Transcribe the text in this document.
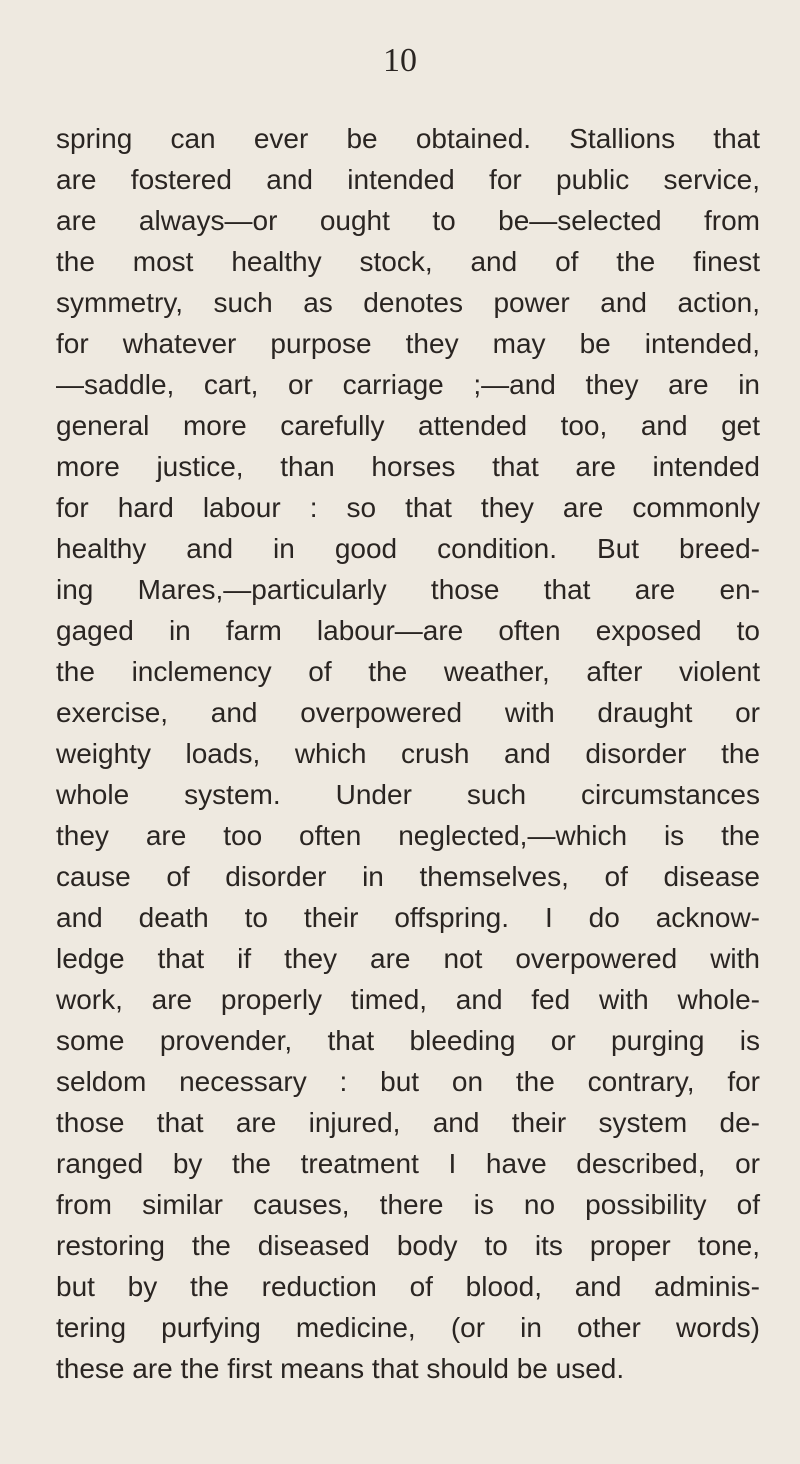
10
spring can ever be obtained. Stallions that
are fostered and intended for public service,
are always—or ought to be—selected from
the most healthy stock, and of the finest
symmetry, such as denotes power and action,
for whatever purpose they may be intended,
—saddle, cart, or carriage ;—and they are in
general more carefully attended too, and get
more justice, than horses that are intended
for hard labour : so that they are commonly
healthy and in good condition. But breed-
ing Mares,—particularly those that are en-
gaged in farm labour—are often exposed to
the inclemency of the weather, after violent
exercise, and overpowered with draught or
weighty loads, which crush and disorder the
whole system. Under such circumstances
they are too often neglected,—which is the
cause of disorder in themselves, of disease
and death to their offspring. I do acknow-
ledge that if they are not overpowered with
work, are properly timed, and fed with whole-
some provender, that bleeding or purging is
seldom necessary : but on the contrary, for
those that are injured, and their system de-
ranged by the treatment I have described, or
from similar causes, there is no possibility of
restoring the diseased body to its proper tone,
but by the reduction of blood, and adminis-
tering purfying medicine, (or in other words)
these are the first means that should be used.
